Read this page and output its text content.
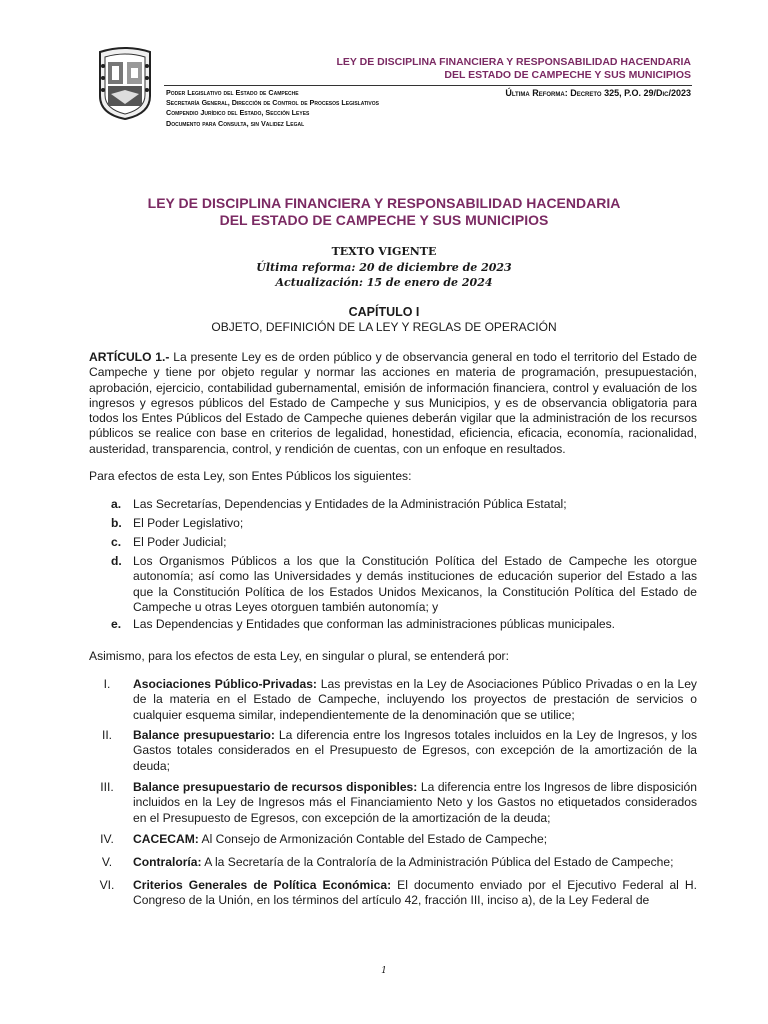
LEY DE DISCIPLINA FINANCIERA Y RESPONSABILIDAD HACENDARIA
DEL ESTADO DE CAMPECHE Y SUS MUNICIPIOS
Poder Legislativo del Estado de Campeche
Secretaría General, Dirección de Control de Procesos Legislativos
Compendio Jurídico del Estado, Sección Leyes
Documento para Consulta, sin Validez Legal
Última Reforma: Decreto 325, P.O. 29/Dic/2023
LEY DE DISCIPLINA FINANCIERA Y RESPONSABILIDAD HACENDARIA
DEL ESTADO DE CAMPECHE Y SUS MUNICIPIOS
TEXTO VIGENTE
Última reforma: 20 de diciembre de 2023
Actualización: 15 de enero de 2024
CAPÍTULO I
OBJETO, DEFINICIÓN DE LA LEY Y REGLAS DE OPERACIÓN
ARTÍCULO 1.- La presente Ley es de orden público y de observancia general en todo el territorio del Estado de Campeche y tiene por objeto regular y normar las acciones en materia de programación, presupuestación, aprobación, ejercicio, contabilidad gubernamental, emisión de información financiera, control y evaluación de los ingresos y egresos públicos del Estado de Campeche y sus Municipios, y es de observancia obligatoria para todos los Entes Públicos del Estado de Campeche quienes deberán vigilar que la administración de los recursos públicos se realice con base en criterios de legalidad, honestidad, eficiencia, eficacia, economía, racionalidad, austeridad, transparencia, control, y rendición de cuentas, con un enfoque en resultados.
Para efectos de esta Ley, son Entes Públicos los siguientes:
a. Las Secretarías, Dependencias y Entidades de la Administración Pública Estatal;
b. El Poder Legislativo;
c. El Poder Judicial;
d. Los Organismos Públicos a los que la Constitución Política del Estado de Campeche les otorgue autonomía; así como las Universidades y demás instituciones de educación superior del Estado a las que la Constitución Política de los Estados Unidos Mexicanos, la Constitución Política del Estado de Campeche u otras Leyes otorguen también autonomía; y
e. Las Dependencias y Entidades que conforman las administraciones públicas municipales.
Asimismo, para los efectos de esta Ley, en singular o plural, se entenderá por:
I.	Asociaciones Público-Privadas: Las previstas en la Ley de Asociaciones Público Privadas o en la Ley de la materia en el Estado de Campeche, incluyendo los proyectos de prestación de servicios o cualquier esquema similar, independientemente de la denominación que se utilice;
II.	Balance presupuestario: La diferencia entre los Ingresos totales incluidos en la Ley de Ingresos, y los Gastos totales considerados en el Presupuesto de Egresos, con excepción de la amortización de la deuda;
III.	Balance presupuestario de recursos disponibles: La diferencia entre los Ingresos de libre disposición incluidos en la Ley de Ingresos más el Financiamiento Neto y los Gastos no etiquetados considerados en el Presupuesto de Egresos, con excepción de la amortización de la deuda;
IV.	CACECAM: Al Consejo de Armonización Contable del Estado de Campeche;
V.	Contraloría: A la Secretaría de la Contraloría de la Administración Pública del Estado de Campeche;
VI.	Criterios Generales de Política Económica: El documento enviado por el Ejecutivo Federal al H. Congreso de la Unión, en los términos del artículo 42, fracción III, inciso a), de la Ley Federal de
1
